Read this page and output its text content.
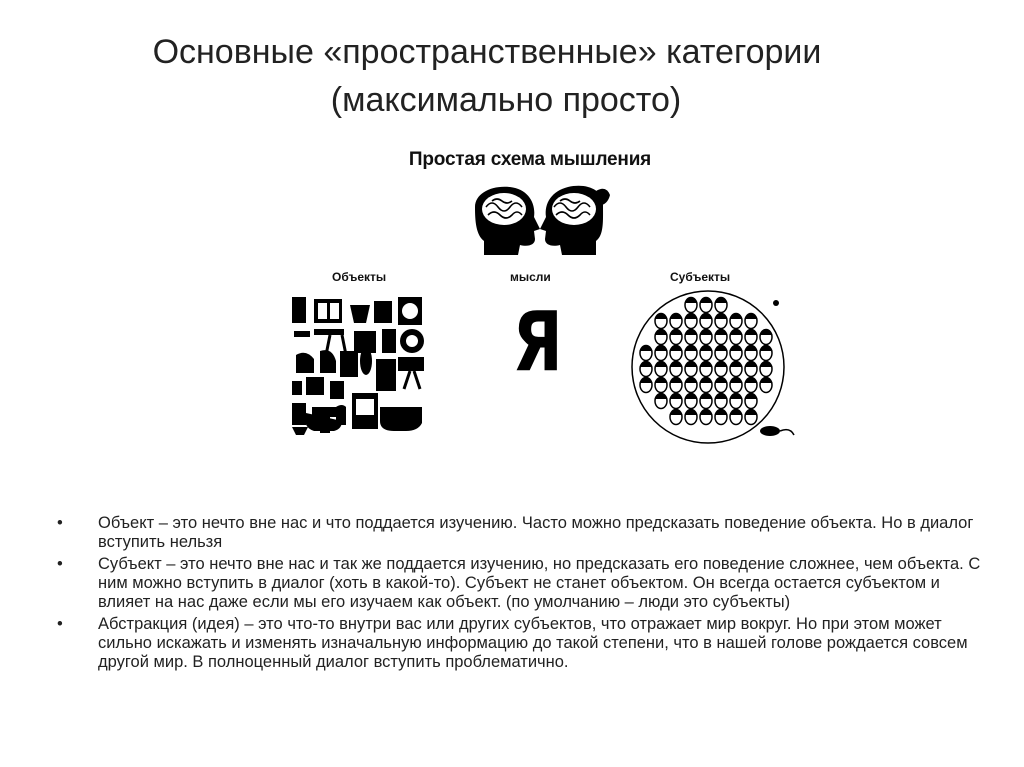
Основные «пространственные» категории
(максимально просто)
Простая схема мышления
Объекты	мысли	Субъекты
Я
• Объект – это нечто вне нас и что поддается изучению. Часто можно предсказать поведение объекта. Но в диалог вступить нельзя
• Субъект – это нечто вне нас и так же поддается изучению, но предсказать его поведение сложнее, чем объекта. С ним можно вступить в диалог (хоть в какой-то). Субъект не станет объектом. Он всегда остается субъектом и влияет на нас даже если мы его изучаем как объект. (по умолчанию – люди это субъекты)
• Абстракция (идея) – это что-то внутри вас или других субъектов, что отражает мир вокруг. Но при этом может сильно искажать и изменять изначальную информацию до такой степени, что в нашей голове рождается совсем другой мир. В полноценный диалог вступить проблематично.
